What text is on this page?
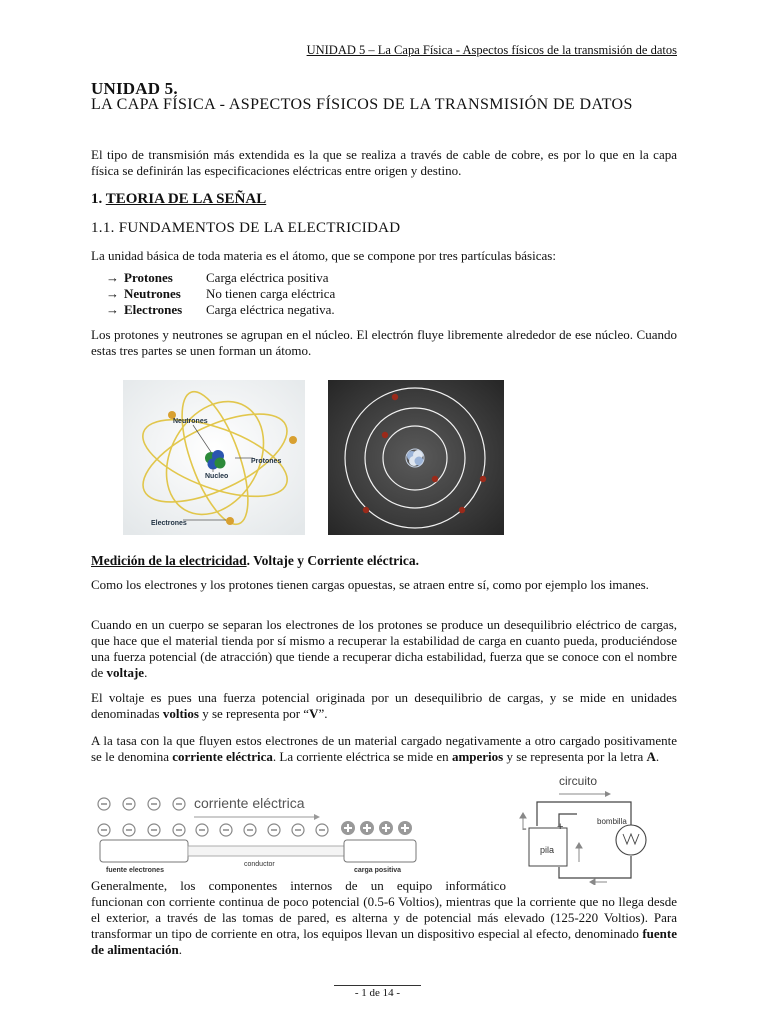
UNIDAD 5 – La Capa Física - Aspectos físicos de la transmisión de datos
UNIDAD 5.
LA CAPA FÍSICA - ASPECTOS FÍSICOS DE LA TRANSMISIÓN DE DATOS
El tipo de transmisión más extendida es la que se realiza a través de cable de cobre, es por lo que en la capa física se definirán las especificaciones eléctricas entre origen y destino.
1. TEORIA DE LA SEÑAL
1.1. FUNDAMENTOS DE LA ELECTRICIDAD
La unidad básica de toda materia es el átomo, que se compone por tres partículas básicas:
→ Protones	Carga eléctrica positiva
→ Neutrones No tienen carga eléctrica
→ Electrones Carga eléctrica negativa.
Los protones y neutrones se agrupan en el núcleo. El electrón fluye libremente alrededor de ese núcleo. Cuando estas tres partes se unen forman un átomo.
Neutrones
Protones
Nucleo
Electrones
Medición de la electricidad. Voltaje y Corriente eléctrica.
Como los electrones y los protones tienen cargas opuestas, se atraen entre sí, como por ejemplo los imanes.
Cuando en un cuerpo se separan los electrones de los protones se produce un desequilibrio eléctrico de cargas, que hace que el material tienda por sí mismo a recuperar la estabilidad de carga en cuanto pueda, produciéndose una fuerza potencial (de atracción) que tiende a recuperar dicha estabilidad, fuerza que se conoce con el nombre de voltaje.
El voltaje es pues una fuerza potencial originada por un desequilibrio de cargas, y se mide en unidades denominadas voltios y se representa por “V”.
A la tasa con la que fluyen estos electrones de un material cargado negativamente a otro cargado positivamente se le denomina corriente eléctrica. La corriente eléctrica se mide en amperios y se representa por la letra A.
corriente eléctrica
fuente electrones
conductor
carga positiva
circuito
pila
-	+	bombilla
Generalmente, los componentes internos de un equipo informático
funcionan con corriente continua de poco potencial (0.5-6 Voltios), mientras que la corriente que no llega desde el exterior, a través de las tomas de pared, es alterna y de potencial más elevado (125-220 Voltios). Para transformar un tipo de corriente en otra, los equipos llevan un dispositivo especial al efecto, denominado fuente de alimentación.
- 1 de 14 -
